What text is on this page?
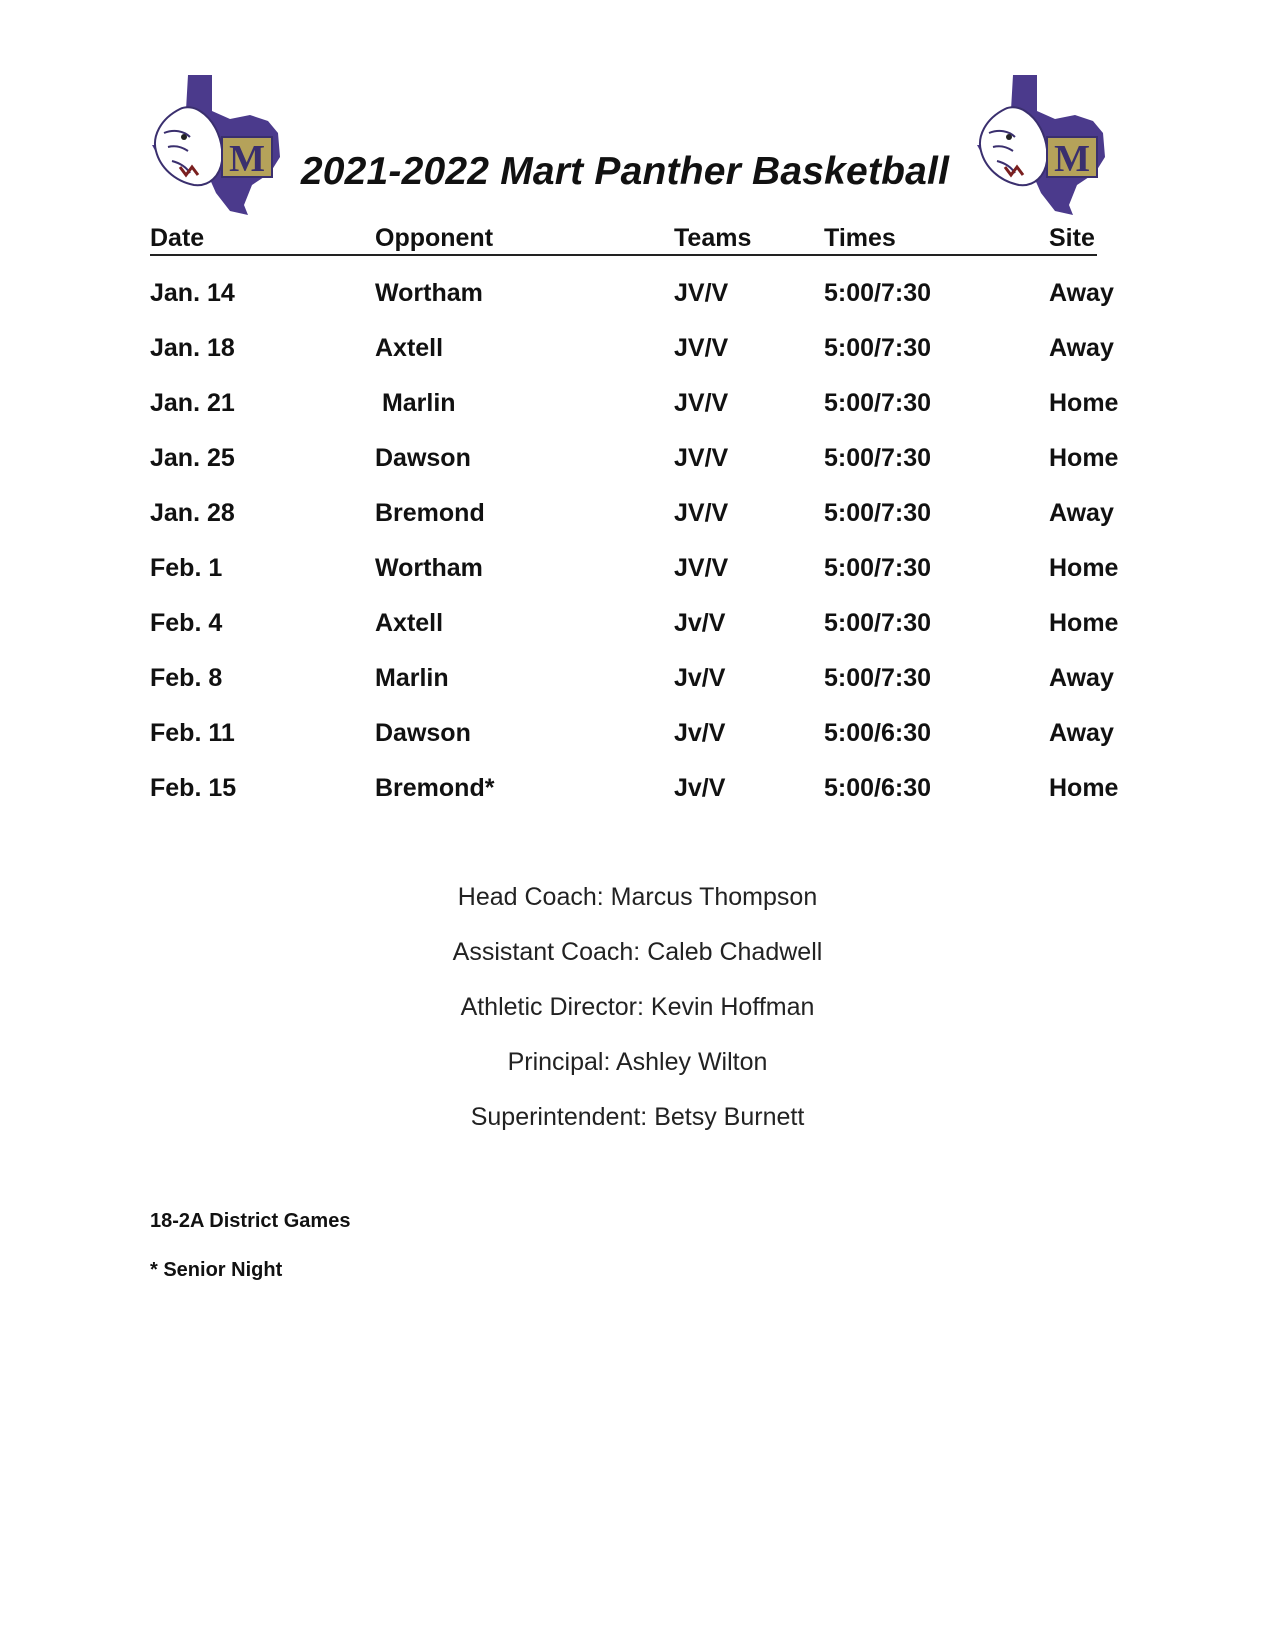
M	M
2021-2022 Mart Panther Basketball
Date	Opponent	Teams	Times	Site
Jan. 14	Wortham	JV/V	5:00/7:30	Away
Jan. 18	Axtell	JV/V	5:00/7:30	Away
Jan. 21	Marlin	JV/V	5:00/7:30	Home
Jan. 25	Dawson	JV/V	5:00/7:30	Home
Jan. 28	Bremond	JV/V	5:00/7:30	Away
Feb. 1	Wortham	JV/V	5:00/7:30	Home
Feb. 4	Axtell	Jv/V	5:00/7:30	Home
Feb. 8	Marlin	Jv/V	5:00/7:30	Away
Feb. 11	Dawson	Jv/V	5:00/6:30	Away
Feb. 15	Bremond*	Jv/V	5:00/6:30	Home
Head Coach: Marcus Thompson
Assistant Coach: Caleb Chadwell
Athletic Director: Kevin Hoffman
Principal: Ashley Wilton
Superintendent: Betsy Burnett
18-2A District Games
* Senior Night
